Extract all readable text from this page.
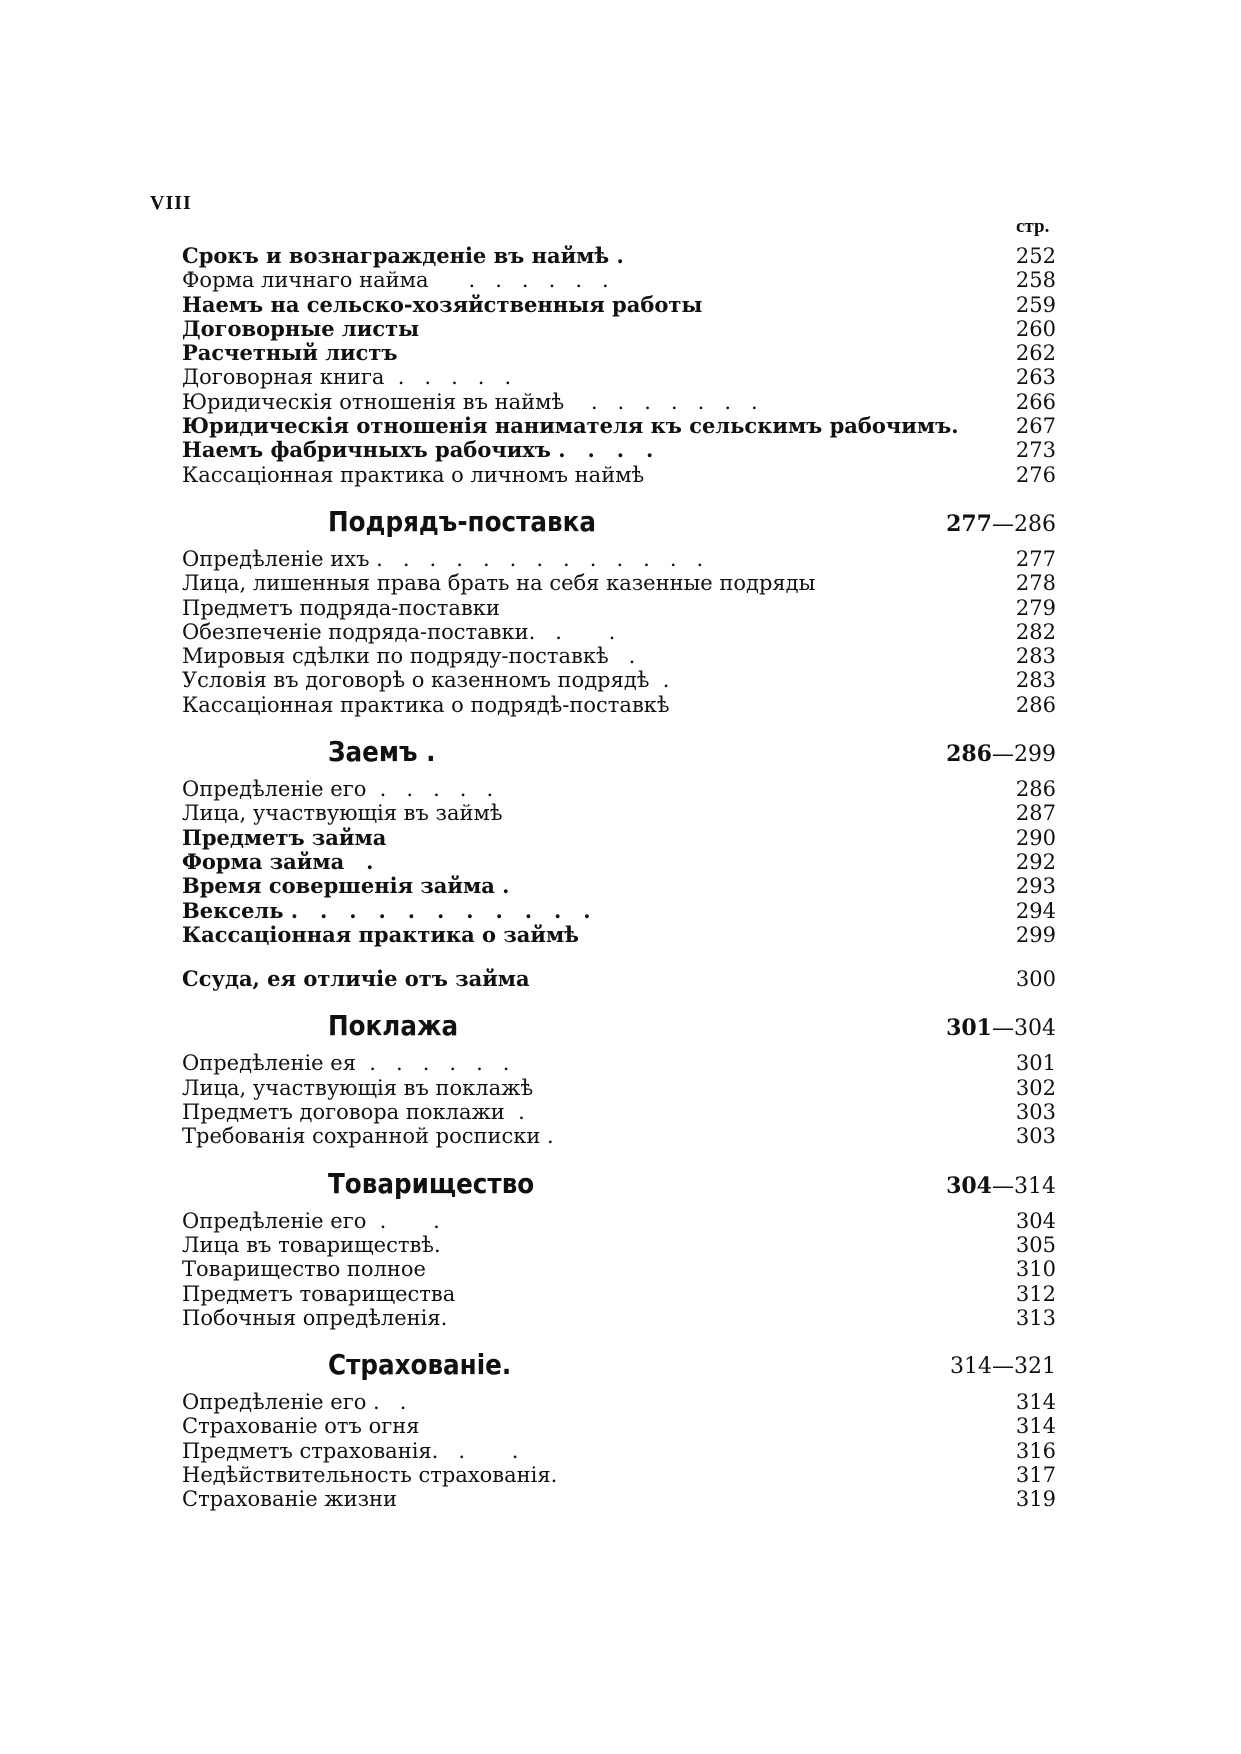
VIII
стр.
Срокъ и вознагражденіе въ наймѣ .	252
Форма личнаго найма      .   .   .   .   .   .	258
Наемъ на сельско-хозяйственныя работы	259
Договорные листы	260
Расчетный листъ	262
Договорная книга  .   .   .   .   .	263
Юридическія отношенія въ наймѣ    .   .   .   .   .   .   .	266
Юридическія отношенія нанимателя къ сельскимъ рабочимъ.	267
Наемъ фабричныхъ рабочихъ .   .   .   .	273
Кассаціонная практика о личномъ наймѣ	276
Подрядъ-поставка	277—286
Опредѣленіе ихъ .   .   .   .   .   .   .   .   .   .   .   .   .	277
Лица, лишенныя права брать на себя казенные подряды	278
Предметъ подряда-поставки	279
Обезпеченіе подряда-поставки.   .       .	282
Мировыя сдѣлки по подряду-поставкѣ   .	283
Условія въ договорѣ о казенномъ подрядѣ  .	283
Кассаціонная практика о подрядѣ-поставкѣ	286
Заемъ .	286—299
Опредѣленіе его  .   .   .   .   .	286
Лица, участвующія въ займѣ	287
Предметъ займа	290
Форма займа   .	292
Время совершенія займа .	293
Вексель .   .   .   .   .   .   .   .   .   .   .	294
Кассаціонная практика о займѣ	299
Ссуда, ея отличіе отъ займа	300
Поклажа	301—304
Опредѣленіе ея  .   .   .   .   .   .	301
Лица, участвующія въ поклажѣ	302
Предметъ договора поклажи  .	303
Требованія сохранной росписки .	303
Товарищество	304—314
Опредѣленіе его  .       .	304
Лица въ товариществѣ.	305
Товарищество полное	310
Предметъ товарищества	312
Побочныя опредѣленія.	313
Страхованіе.	314—321
Опредѣленіе его .   .	314
Страхованіе отъ огня	314
Предметъ страхованія.   .       .	316
Недѣйствительность страхованія.	317
Страхованіе жизни	319
